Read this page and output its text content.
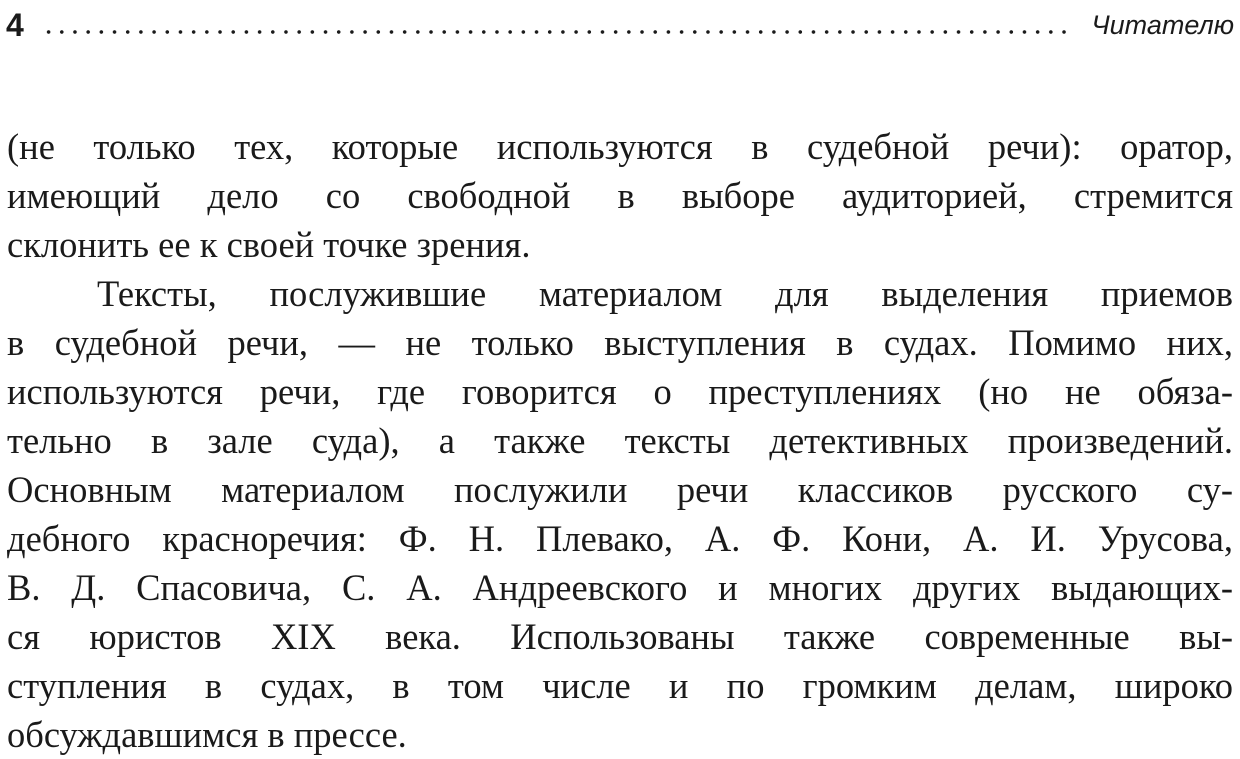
4	Читателю
(не только тех, которые используются в судебной речи): оратор,
имеющий дело со свободной в выборе аудиторией, стремится
склонить ее к своей точке зрения.
Тексты, послужившие материалом для выделения приемов
в судебной речи, — не только выступления в судах. Помимо них,
используются речи, где говорится о преступлениях (но не обяза-
тельно в зале суда), а также тексты детективных произведений.
Основным материалом послужили речи классиков русского су-
дебного красноречия: Ф. Н. Плевако, А. Ф. Кони, А. И. Урусова,
В. Д. Спасовича, С. А. Андреевского и многих других выдающих-
ся юристов XIX века. Использованы также современные вы-
ступления в судах, в том числе и по громким делам, широко
обсуждавшимся в прессе.
